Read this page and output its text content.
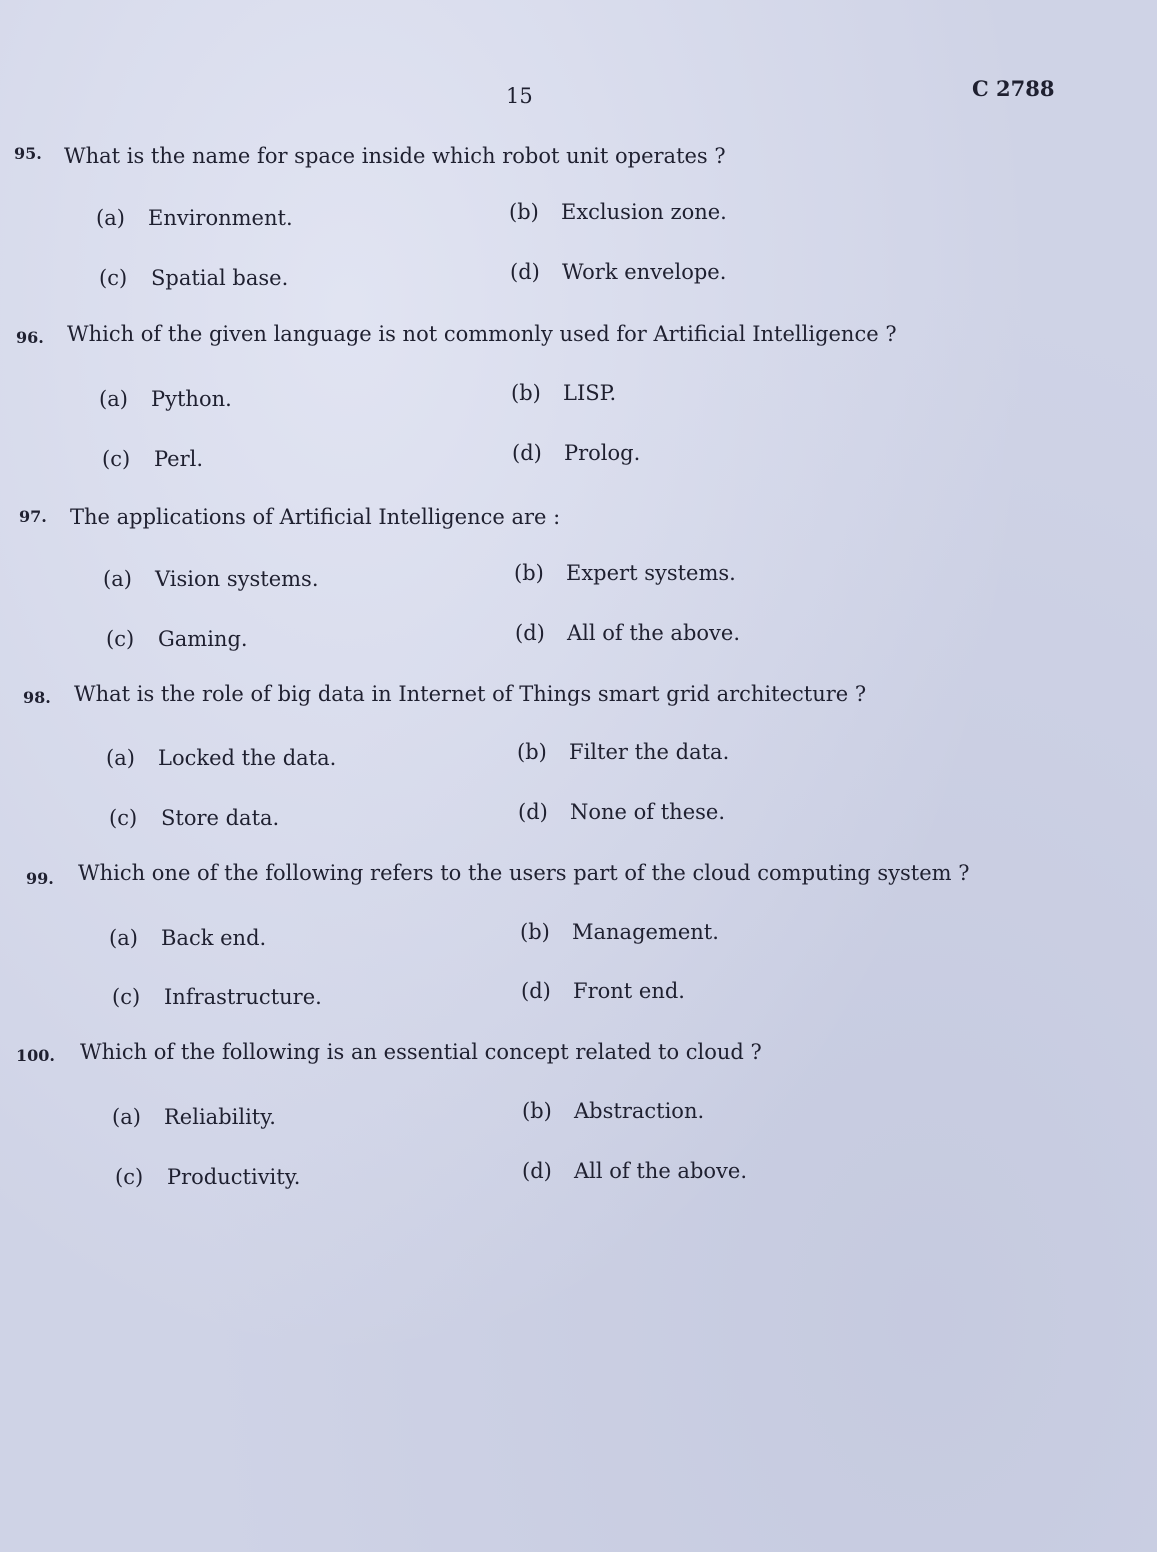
15	C 2788
95. What is the name for space inside which robot unit operates ?
(a) Environment.	(b) Exclusion zone.
(c) Spatial base.	(d) Work envelope.
96. Which of the given language is not commonly used for Artificial Intelligence ?
(a) Python.	(b) LISP.
(c) Perl.	(d) Prolog.
97. The applications of Artificial Intelligence are :
(a) Vision systems.	(b) Expert systems.
(c) Gaming.	(d) All of the above.
98. What is the role of big data in Internet of Things smart grid architecture ?
(a) Locked the data.	(b) Filter the data.
(c) Store data.	(d) None of these.
99. Which one of the following refers to the users part of the cloud computing system ?
(a) Back end.	(b) Management.
(c) Infrastructure.	(d) Front end.
100. Which of the following is an essential concept related to cloud ?
(a) Reliability.	(b) Abstraction.
(c) Productivity.	(d) All of the above.
